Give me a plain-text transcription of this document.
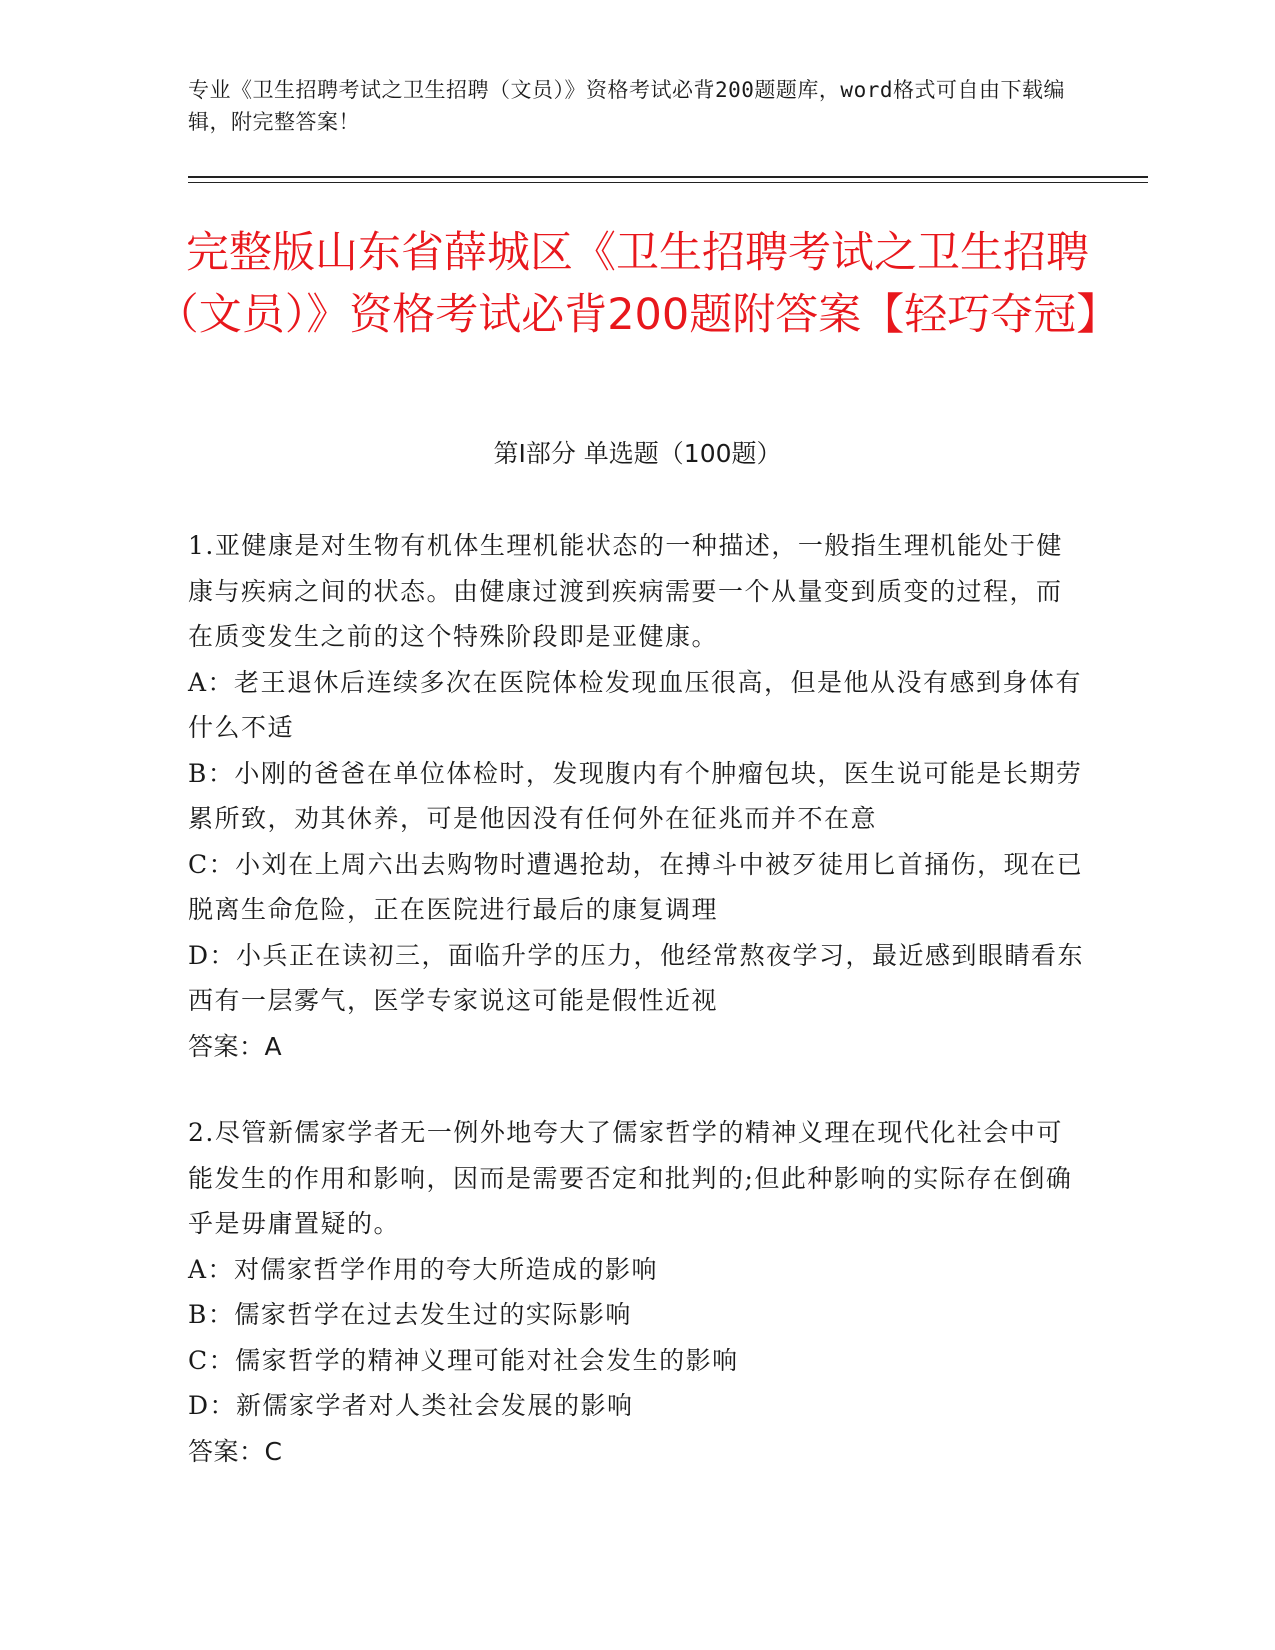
专业《卫生招聘考试之卫生招聘（文员）》资格考试必背200题题库，word格式可自由下载编辑，附完整答案！
完整版山东省薛城区《卫生招聘考试之卫生招聘（文员）》资格考试必背200题附答案【轻巧夺冠】
第Ⅰ部分 单选题（100题）

1.亚健康是对生物有机体生理机能状态的一种描述，一般指生理机能处于健康与疾病之间的状态。由健康过渡到疾病需要一个从量变到质变的过程，而在质变发生之前的这个特殊阶段即是亚健康。

A：老王退休后连续多次在医院体检发现血压很高，但是他从没有感到身体有什么不适

B：小刚的爸爸在单位体检时，发现腹内有个肿瘤包块，医生说可能是长期劳累所致，劝其休养，可是他因没有任何外在征兆而并不在意

C：小刘在上周六出去购物时遭遇抢劫，在搏斗中被歹徒用匕首捅伤，现在已脱离生命危险，正在医院进行最后的康复调理

D：小兵正在读初三，面临升学的压力，他经常熬夜学习，最近感到眼睛看东西有一层雾气，医学专家说这可能是假性近视

答案：A

2.尽管新儒家学者无一例外地夸大了儒家哲学的精神义理在现代化社会中可能发生的作用和影响，因而是需要否定和批判的;但此种影响的实际存在倒确乎是毋庸置疑的。

A：对儒家哲学作用的夸大所造成的影响

B：儒家哲学在过去发生过的实际影响

C：儒家哲学的精神义理可能对社会发生的影响

D：新儒家学者对人类社会发展的影响

答案：C
